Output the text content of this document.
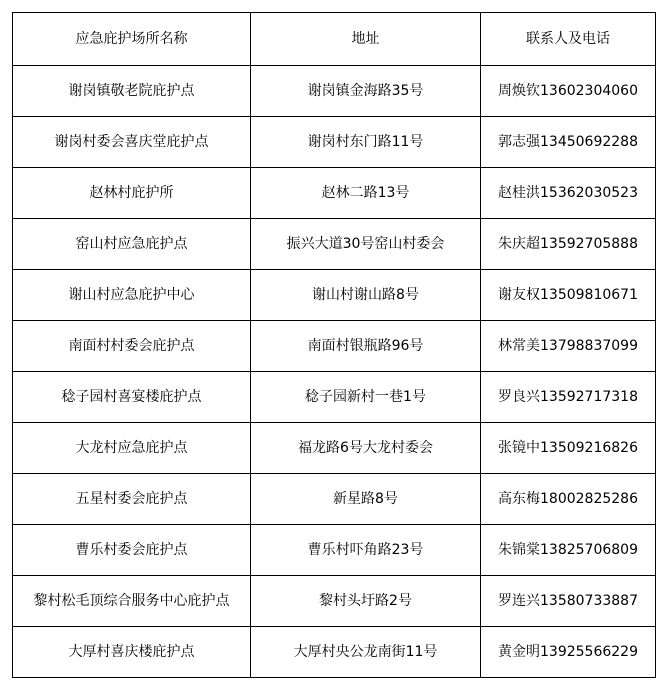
应急庇护场所名称	地址	联系人及电话
谢岗镇敬老院庇护点	谢岗镇金海路35号	周焕钦13602304060
谢岗村委会喜庆堂庇护点	谢岗村东门路11号	郭志强13450692288
赵林村庇护所	赵林二路13号	赵桂洪15362030523
窑山村应急庇护点	振兴大道30号窑山村委会	朱庆超13592705888
谢山村应急庇护中心	谢山村谢山路8号	谢友权13509810671
南面村村委会庇护点	南面村银瓶路96号	林常美13798837099
稔子园村喜宴楼庇护点	稔子园新村一巷1号	罗良兴13592717318
大龙村应急庇护点	福龙路6号大龙村委会	张镜中13509216826
五星村委会庇护点	新星路8号	高东梅18002825286
曹乐村委会庇护点	曹乐村吓角路23号	朱锦棠13825706809
黎村松毛顶综合服务中心庇护点	黎村头圩路2号	罗连兴13580733887
大厚村喜庆楼庇护点	大厚村央公龙南街11号	黄金明13925566229
